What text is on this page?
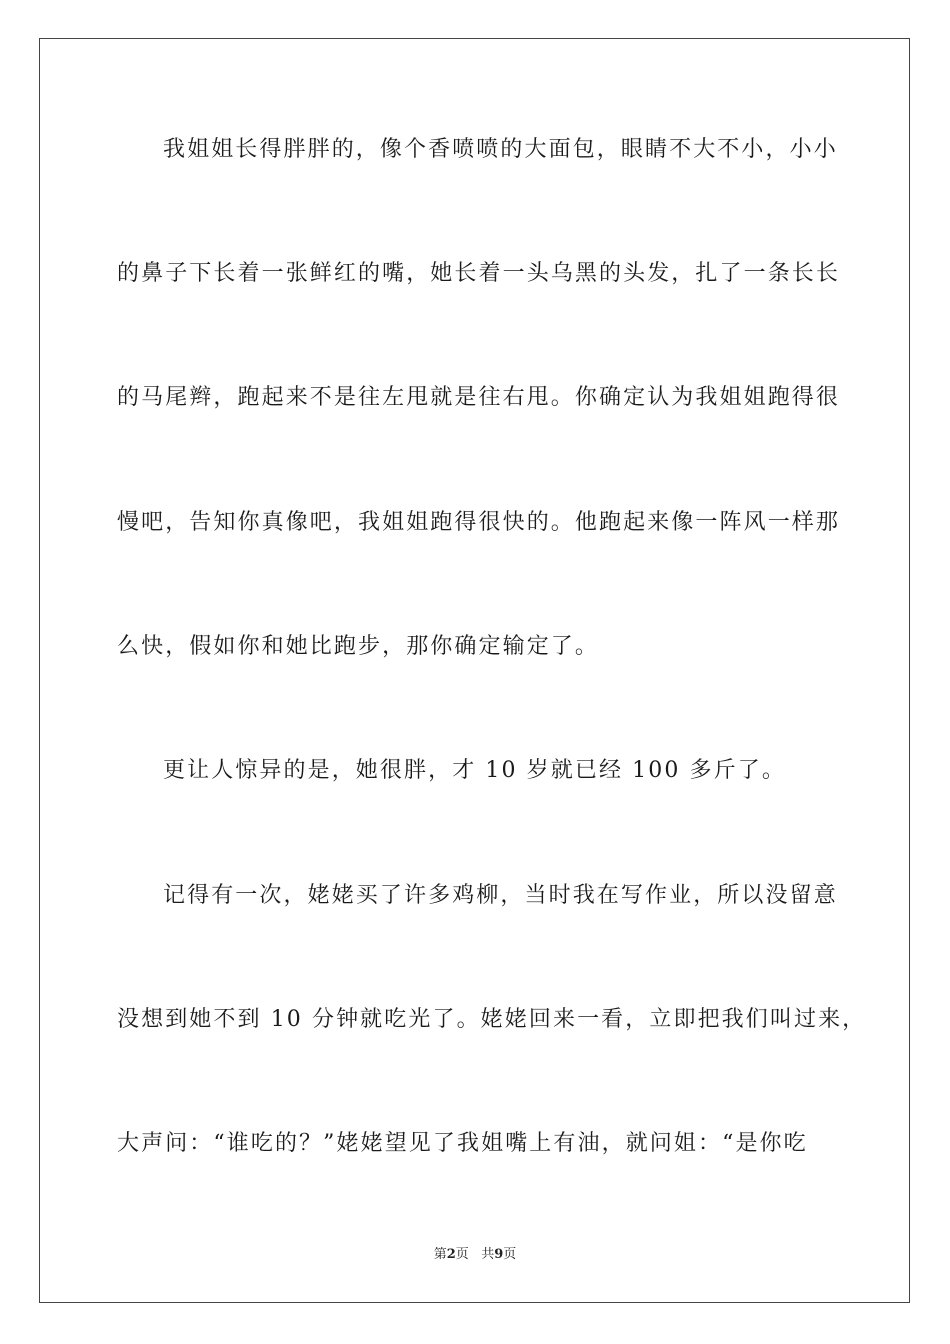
我姐姐长得胖胖的，像个香喷喷的大面包，眼睛不大不小，小小
的鼻子下长着一张鲜红的嘴，她长着一头乌黑的头发，扎了一条长长
的马尾辫，跑起来不是往左甩就是往右甩。你确定认为我姐姐跑得很
慢吧，告知你真像吧，我姐姐跑得很快的。他跑起来像一阵风一样那
么快，假如你和她比跑步，那你确定输定了。
更让人惊异的是，她很胖，才 10 岁就已经 100 多斤了。
记得有一次，姥姥买了许多鸡柳，当时我在写作业，所以没留意
没想到她不到 10 分钟就吃光了。姥姥回来一看，立即把我们叫过来，
大声问：“谁吃的？”姥姥望见了我姐嘴上有油，就问姐：“是你吃
第2页 共9页
